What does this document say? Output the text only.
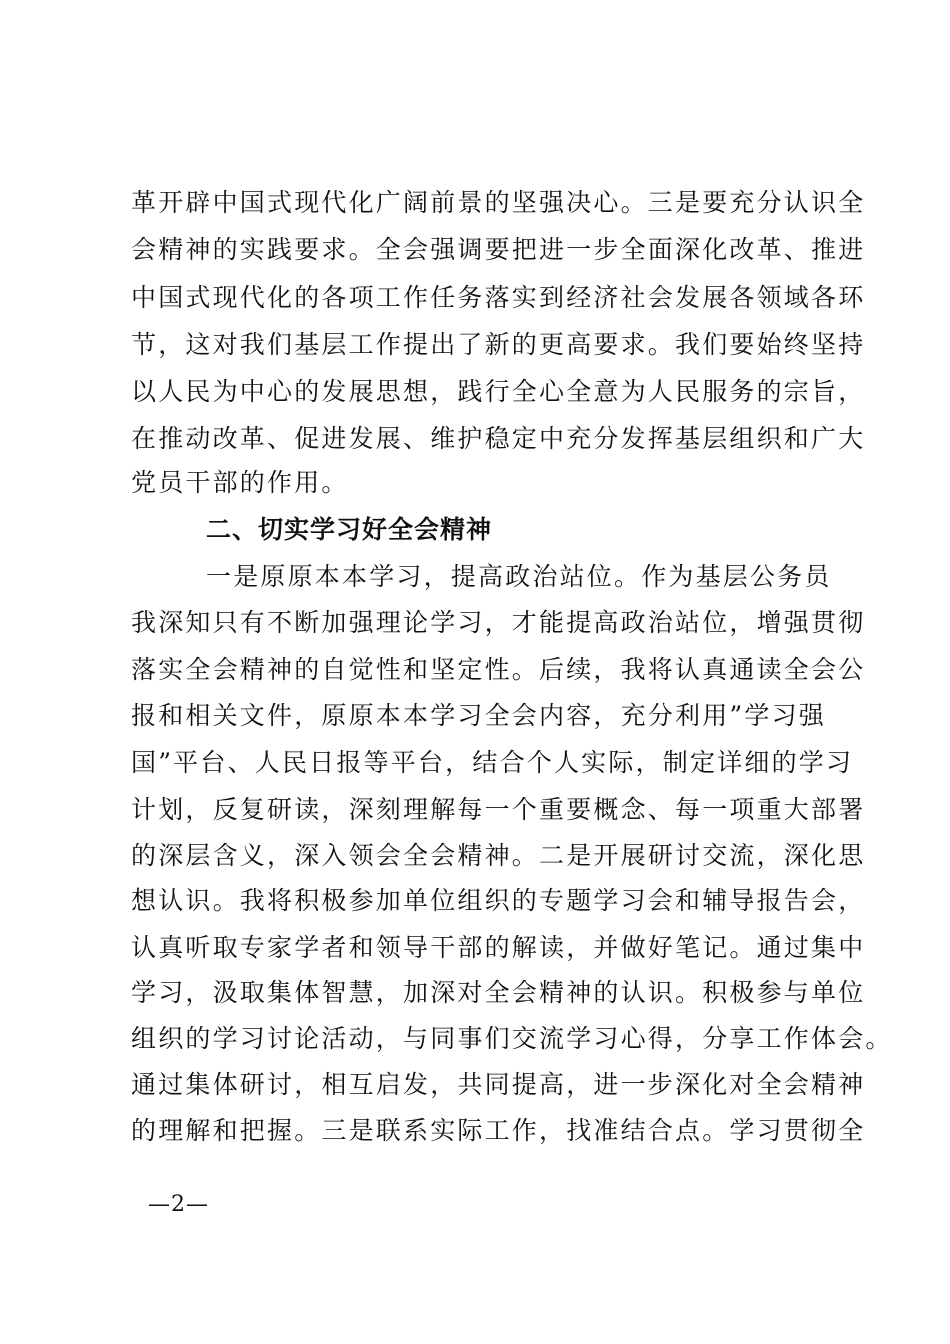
革开辟中国式现代化广阔前景的坚强决心。三是要充分认识全
会精神的实践要求。全会强调要把进一步全面深化改革、推进
中国式现代化的各项工作任务落实到经济社会发展各领域各环
节，这对我们基层工作提出了新的更高要求。我们要始终坚持
以人民为中心的发展思想，践行全心全意为人民服务的宗旨，
在推动改革、促进发展、维护稳定中充分发挥基层组织和广大
党员干部的作用。
二、切实学习好全会精神
一是原原本本学习，提高政治站位。作为基层公务员
我深知只有不断加强理论学习，才能提高政治站位，增强贯彻
落实全会精神的自觉性和坚定性。后续，我将认真通读全会公
报和相关文件，原原本本学习全会内容，充分利用”学习强
国”平台、人民日报等平台，结合个人实际，制定详细的学习
计划，反复研读，深刻理解每一个重要概念、每一项重大部署
的深层含义，深入领会全会精神。二是开展研讨交流，深化思
想认识。我将积极参加单位组织的专题学习会和辅导报告会，
认真听取专家学者和领导干部的解读，并做好笔记。通过集中
学习，汲取集体智慧，加深对全会精神的认识。积极参与单位
组织的学习讨论活动，与同事们交流学习心得，分享工作体会。
通过集体研讨，相互启发，共同提高，进一步深化对全会精神
的理解和把握。三是联系实际工作，找准结合点。学习贯彻全
—2—
